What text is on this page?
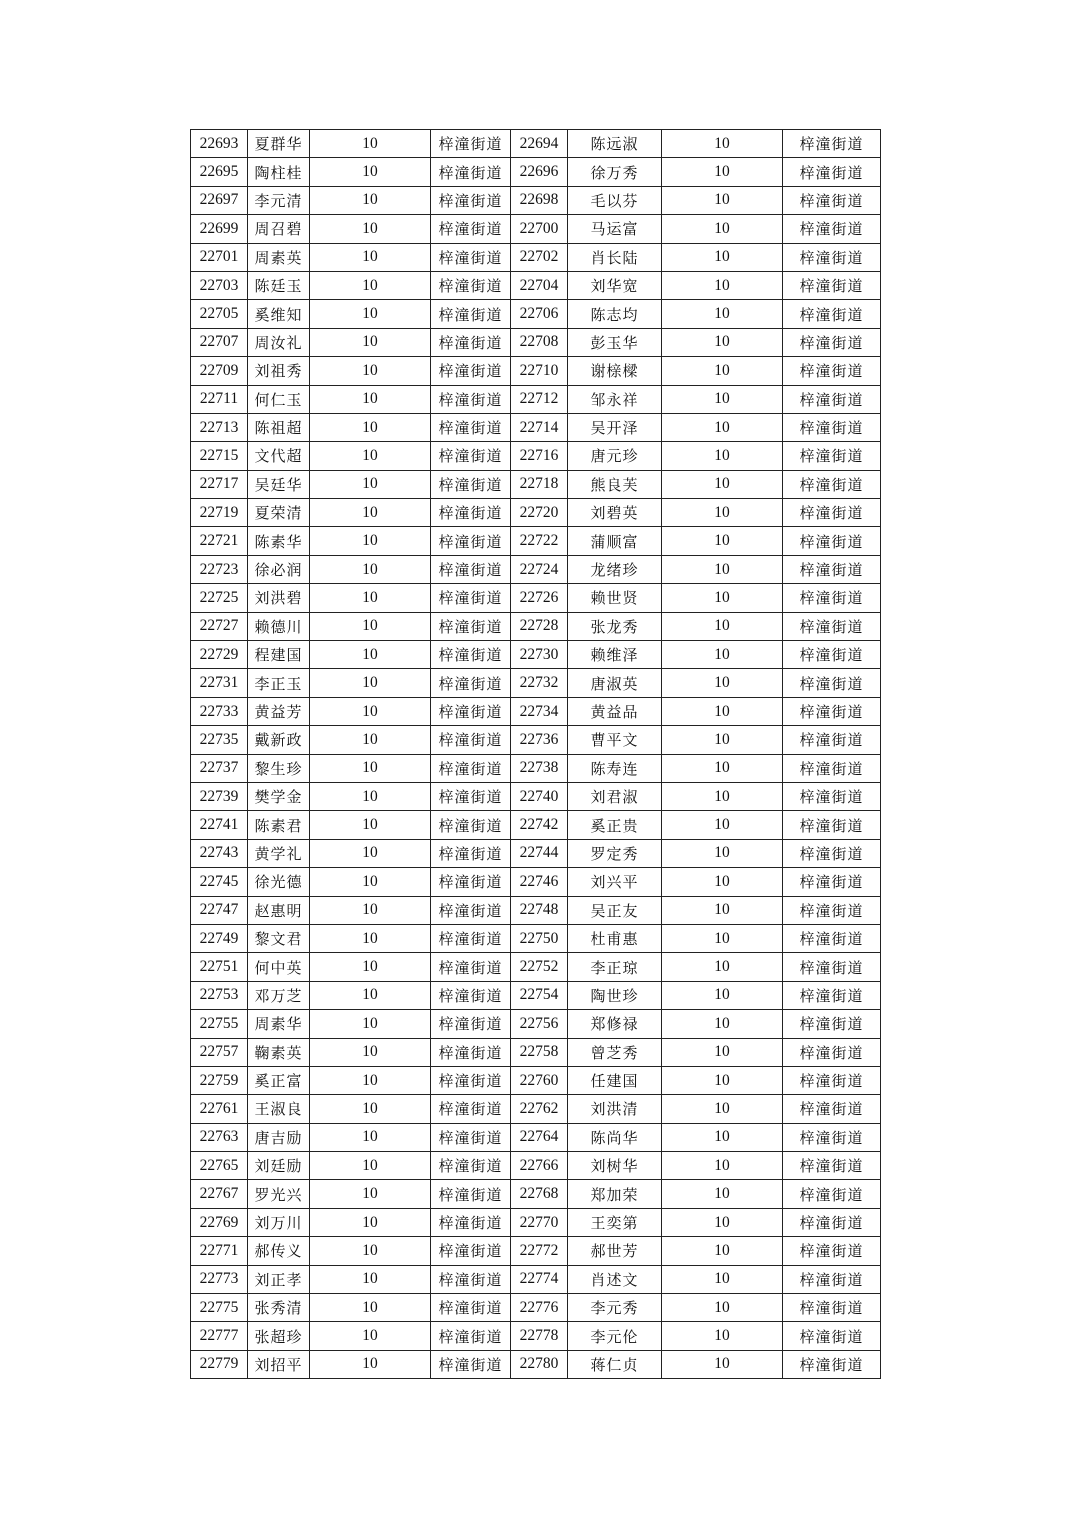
22693	夏群华	10	梓潼街道	22694	陈远淑	10	梓潼街道
22695	陶柱桂	10	梓潼街道	22696	徐万秀	10	梓潼街道
22697	李元清	10	梓潼街道	22698	毛以芬	10	梓潼街道
22699	周召碧	10	梓潼街道	22700	马运富	10	梓潼街道
22701	周素英	10	梓潼街道	22702	肖长陆	10	梓潼街道
22703	陈廷玉	10	梓潼街道	22704	刘华宽	10	梓潼街道
22705	奚维知	10	梓潼街道	22706	陈志均	10	梓潼街道
22707	周汝礼	10	梓潼街道	22708	彭玉华	10	梓潼街道
22709	刘祖秀	10	梓潼街道	22710	谢榇樑	10	梓潼街道
22711	何仁玉	10	梓潼街道	22712	邹永祥	10	梓潼街道
22713	陈祖超	10	梓潼街道	22714	吴开泽	10	梓潼街道
22715	文代超	10	梓潼街道	22716	唐元珍	10	梓潼街道
22717	吴廷华	10	梓潼街道	22718	熊良芙	10	梓潼街道
22719	夏荣清	10	梓潼街道	22720	刘碧英	10	梓潼街道
22721	陈素华	10	梓潼街道	22722	蒲顺富	10	梓潼街道
22723	徐必润	10	梓潼街道	22724	龙绪珍	10	梓潼街道
22725	刘洪碧	10	梓潼街道	22726	赖世贤	10	梓潼街道
22727	赖德川	10	梓潼街道	22728	张龙秀	10	梓潼街道
22729	程建国	10	梓潼街道	22730	赖维泽	10	梓潼街道
22731	李正玉	10	梓潼街道	22732	唐淑英	10	梓潼街道
22733	黄益芳	10	梓潼街道	22734	黄益品	10	梓潼街道
22735	戴新政	10	梓潼街道	22736	曹平文	10	梓潼街道
22737	黎生珍	10	梓潼街道	22738	陈寿连	10	梓潼街道
22739	樊学金	10	梓潼街道	22740	刘君淑	10	梓潼街道
22741	陈素君	10	梓潼街道	22742	奚正贵	10	梓潼街道
22743	黄学礼	10	梓潼街道	22744	罗定秀	10	梓潼街道
22745	徐光德	10	梓潼街道	22746	刘兴平	10	梓潼街道
22747	赵惠明	10	梓潼街道	22748	吴正友	10	梓潼街道
22749	黎文君	10	梓潼街道	22750	杜甫惠	10	梓潼街道
22751	何中英	10	梓潼街道	22752	李正琼	10	梓潼街道
22753	邓万芝	10	梓潼街道	22754	陶世珍	10	梓潼街道
22755	周素华	10	梓潼街道	22756	郑修禄	10	梓潼街道
22757	鞠素英	10	梓潼街道	22758	曾芝秀	10	梓潼街道
22759	奚正富	10	梓潼街道	22760	任建国	10	梓潼街道
22761	王淑良	10	梓潼街道	22762	刘洪清	10	梓潼街道
22763	唐吉励	10	梓潼街道	22764	陈尚华	10	梓潼街道
22765	刘廷励	10	梓潼街道	22766	刘树华	10	梓潼街道
22767	罗光兴	10	梓潼街道	22768	郑加荣	10	梓潼街道
22769	刘万川	10	梓潼街道	22770	王奕第	10	梓潼街道
22771	郝传义	10	梓潼街道	22772	郝世芳	10	梓潼街道
22773	刘正孝	10	梓潼街道	22774	肖述文	10	梓潼街道
22775	张秀清	10	梓潼街道	22776	李元秀	10	梓潼街道
22777	张超珍	10	梓潼街道	22778	李元伦	10	梓潼街道
22779	刘招平	10	梓潼街道	22780	蒋仁贞	10	梓潼街道
